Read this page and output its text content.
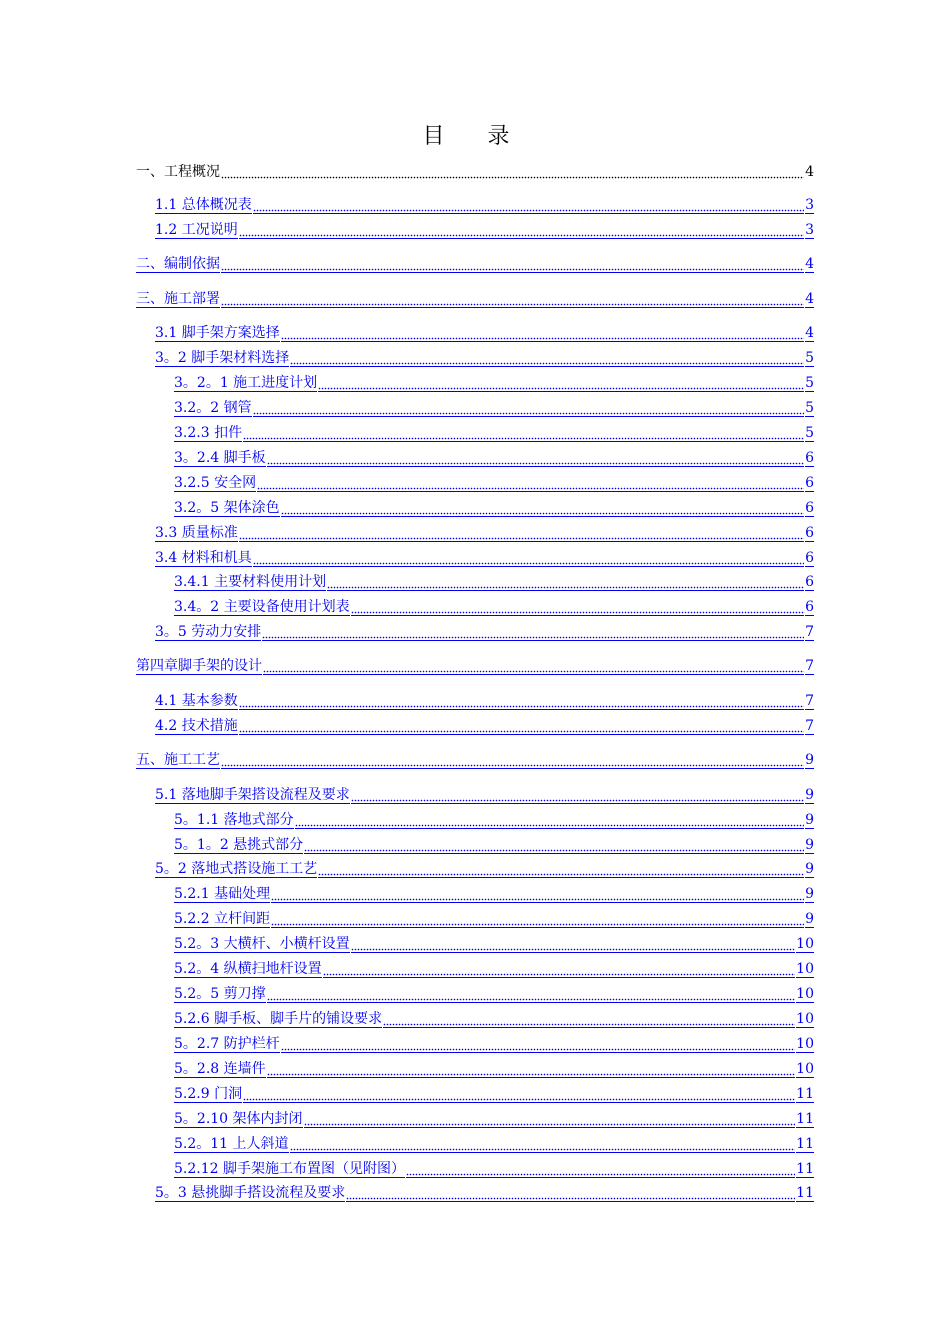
目 录
一、工程概况	4
1.1 总体概况表	3
1.2 工况说明	3
二、编制依据	4
三、施工部署	4
3.1 脚手架方案选择	4
3。2 脚手架材料选择	5
3。2。1 施工进度计划	5
3.2。2 钢管	5
3.2.3 扣件	5
3。2.4 脚手板	6
3.2.5 安全网	6
3.2。5 架体涂色	6
3.3 质量标准	6
3.4 材料和机具	6
3.4.1 主要材料使用计划	6
3.4。2 主要设备使用计划表	6
3。5 劳动力安排	7
第四章脚手架的设计	7
4.1 基本参数	7
4.2 技术措施	7
五、施工工艺	9
5.1 落地脚手架搭设流程及要求	9
5。1.1 落地式部分	9
5。1。2 悬挑式部分	9
5。2 落地式搭设施工工艺	9
5.2.1 基础处理	9
5.2.2 立杆间距	9
5.2。3 大横杆、小横杆设置	10
5.2。4 纵横扫地杆设置	10
5.2。5 剪刀撑	10
5.2.6 脚手板、脚手片的铺设要求	10
5。2.7 防护栏杆	10
5。2.8 连墙件	10
5.2.9 门洞	11
5。2.10 架体内封闭	11
5.2。11 上人斜道	11
5.2.12 脚手架施工布置图（见附图）	11
5。3 悬挑脚手搭设流程及要求	11
